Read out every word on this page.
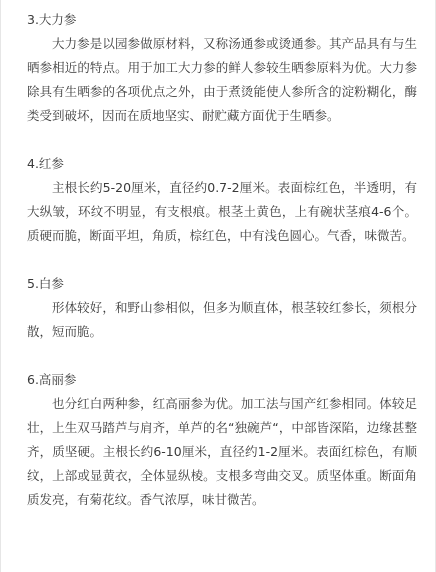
3.大力参

大力参是以园参做原材料，又称汤通参或烫通参。其产品具有与生晒参相近的特点。用于加工大力参的鲜人参较生晒参原料为优。大力参除具有生晒参的各项优点之外，由于煮烫能使人参所含的淀粉糊化，酶类受到破坏，因而在质地坚实、耐贮藏方面优于生晒参。

4.红参

主根长约5-20厘米，直径约0.7-2厘米。表面棕红色，半透明，有大纵皱，环纹不明显，有支根痕。根茎土黄色，上有碗状茎痕4-6个。质硬而脆，断面平坦，角质，棕红色，中有浅色圆心。气香，味微苦。

5.白参

形体较好，和野山参相似，但多为顺直体，根茎较红参长，须根分散，短而脆。

6.高丽参

也分红白两种参，红高丽参为优。加工法与国产红参相同。体较足壮，上生双马踏芦与肩齐，单芦的名“独碗芦“，中部皆深陷，边缘甚整齐，质坚硬。主根长约6-10厘米，直径约1-2厘米。表面红棕色，有顺纹，上部或显黄衣，全体显纵棱。支根多弯曲交叉。质坚体重。断面角质发亮，有菊花纹。香气浓厚，味甘微苦。
